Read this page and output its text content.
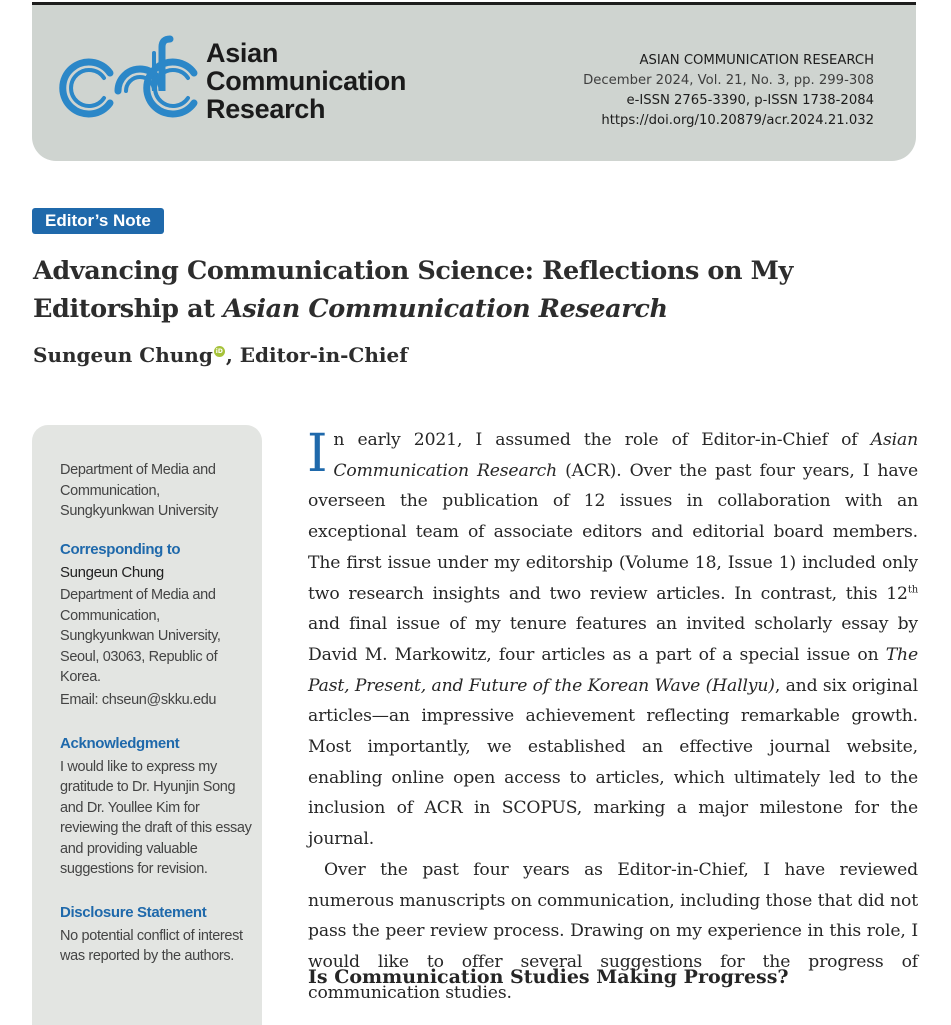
Asian
Communication
Research
ASIAN COMMUNICATION RESEARCH
December 2024, Vol. 21, No. 3, pp. 299-308
e-ISSN 2765-3390, p-ISSN 1738-2084
https://doi.org/10.20879/acr.2024.21.032
Editor’s Note
Advancing Communication Science: Reflections on My Editorship at Asian Communication Research
Sungeun Chung iD , Editor-in-Chief
Department of Media and Communication, Sungkyunkwan University
Corresponding to
Sungeun Chung
Department of Media and Communication, Sungkyunkwan University, Seoul, 03063, Republic of Korea.
Email: chseun@skku.edu
Acknowledgment
I would like to express my gratitude to Dr. Hyunjin Song and Dr. Youllee Kim for reviewing the draft of this essay and providing valuable suggestions for revision.
Disclosure Statement
No potential conflict of interest was reported by the authors.

In early 2021, I assumed the role of Editor-in-Chief of Asian Communication Research (ACR). Over the past four years, I have overseen the publication of 12 issues in collaboration with an exceptional team of associate editors and editorial board members. The first issue under my editorship (Volume 18, Issue 1) included only two research insights and two review articles. In contrast, this 12th and final issue of my tenure features an invited scholarly essay by David M. Markowitz, four articles as a part of a special issue on The Past, Present, and Future of the Korean Wave (Hallyu), and six original articles—an impressive achievement reflecting remarkable growth. Most importantly, we established an effective journal website, enabling online open access to articles, which ultimately led to the inclusion of ACR in SCOPUS, marking a major milestone for the journal.

Over the past four years as Editor-in-Chief, I have reviewed numerous manuscripts on communication, including those that did not pass the peer review process. Drawing on my experience in this role, I would like to offer several suggestions for the progress of communication studies.

Is Communication Studies Making Progress?
